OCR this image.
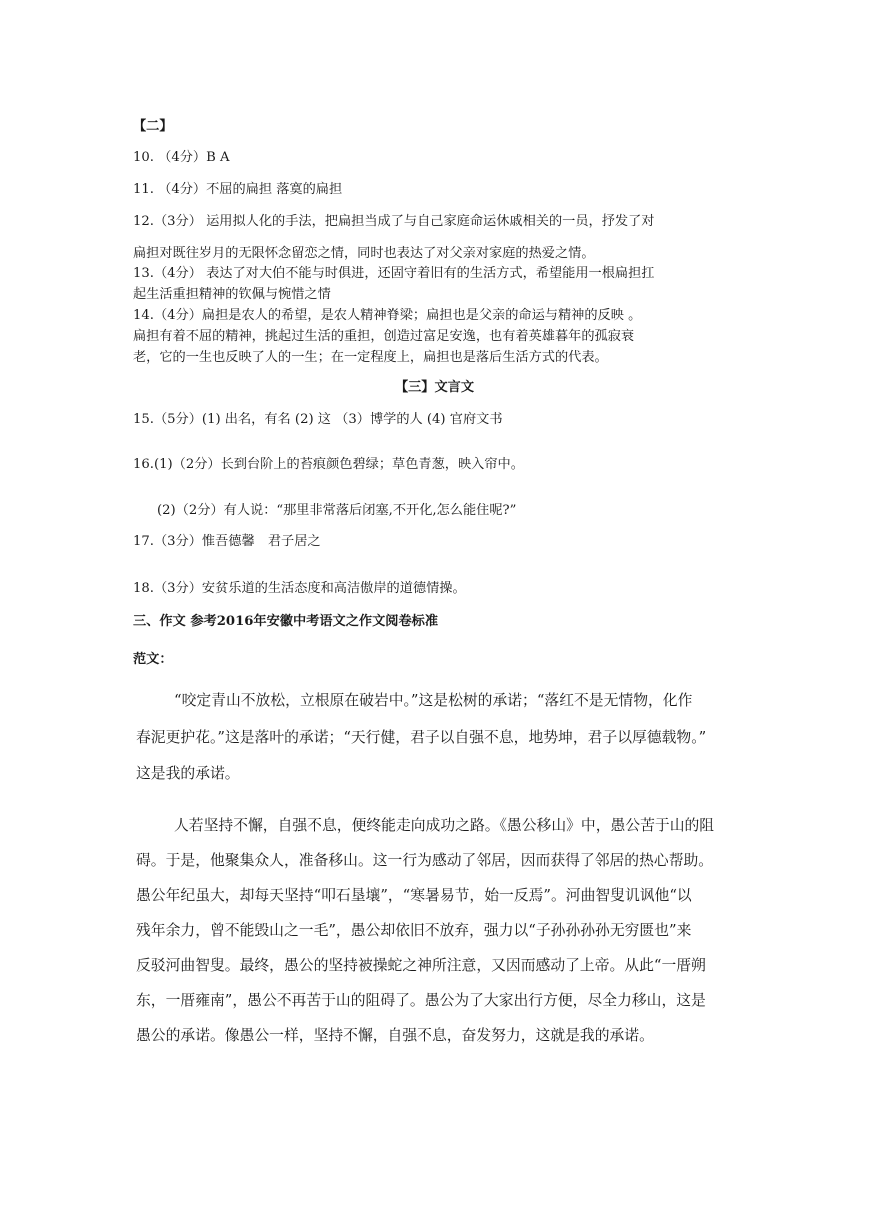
【二】
10. （4分）B A
11. （4分）不屈的扁担 落寞的扁担
12.（3分） 运用拟人化的手法，把扁担当成了与自己家庭命运休戚相关的一员，抒发了对
扁担对既往岁月的无限怀念留恋之情，同时也表达了对父亲对家庭的热爱之情。
13.（4分） 表达了对大伯不能与时俱进，还固守着旧有的生活方式，希望能用一根扁担扛
起生活重担精神的钦佩与惋惜之情
14.（4分）扁担是农人的希望，是农人精神脊梁；扁担也是父亲的命运与精神的反映 。
扁担有着不屈的精神，挑起过生活的重担，创造过富足安逸，也有着英雄暮年的孤寂衰
老，它的一生也反映了人的一生；在一定程度上，扁担也是落后生活方式的代表。
【三】文言文
15.（5分）(1) 出名，有名 (2) 这 （3）博学的人 (4) 官府文书
16.(1)（2分）长到台阶上的苔痕颜色碧绿；草色青葱，映入帘中。
(2)（2分）有人说：“那里非常落后闭塞,不开化,怎么能住呢?”
17.（3分）惟吾德馨　君子居之
18.（3分）安贫乐道的生活态度和高洁傲岸的道德情操。
三、作文 参考2016年安徽中考语文之作文阅卷标准
范文：
“咬定青山不放松，立根原在破岩中。”这是松树的承诺；“落红不是无情物，化作
春泥更护花。”这是落叶的承诺；“天行健，君子以自强不息，地势坤，君子以厚德载物。”
这是我的承诺。
人若坚持不懈，自强不息，便终能走向成功之路。《愚公移山》中，愚公苦于山的阻
碍。于是，他聚集众人，准备移山。这一行为感动了邻居，因而获得了邻居的热心帮助。
愚公年纪虽大，却每天坚持“叩石垦壤”，“寒暑易节，始一反焉”。河曲智叟讥讽他“以
残年余力，曾不能毁山之一毛”，愚公却依旧不放弃，强力以“子孙孙孙孙无穷匮也”来
反驳河曲智叟。最终，愚公的坚持被操蛇之神所注意，又因而感动了上帝。从此“一厝朔
东，一厝雍南”，愚公不再苦于山的阻碍了。愚公为了大家出行方便，尽全力移山，这是
愚公的承诺。像愚公一样，坚持不懈，自强不息，奋发努力，这就是我的承诺。
